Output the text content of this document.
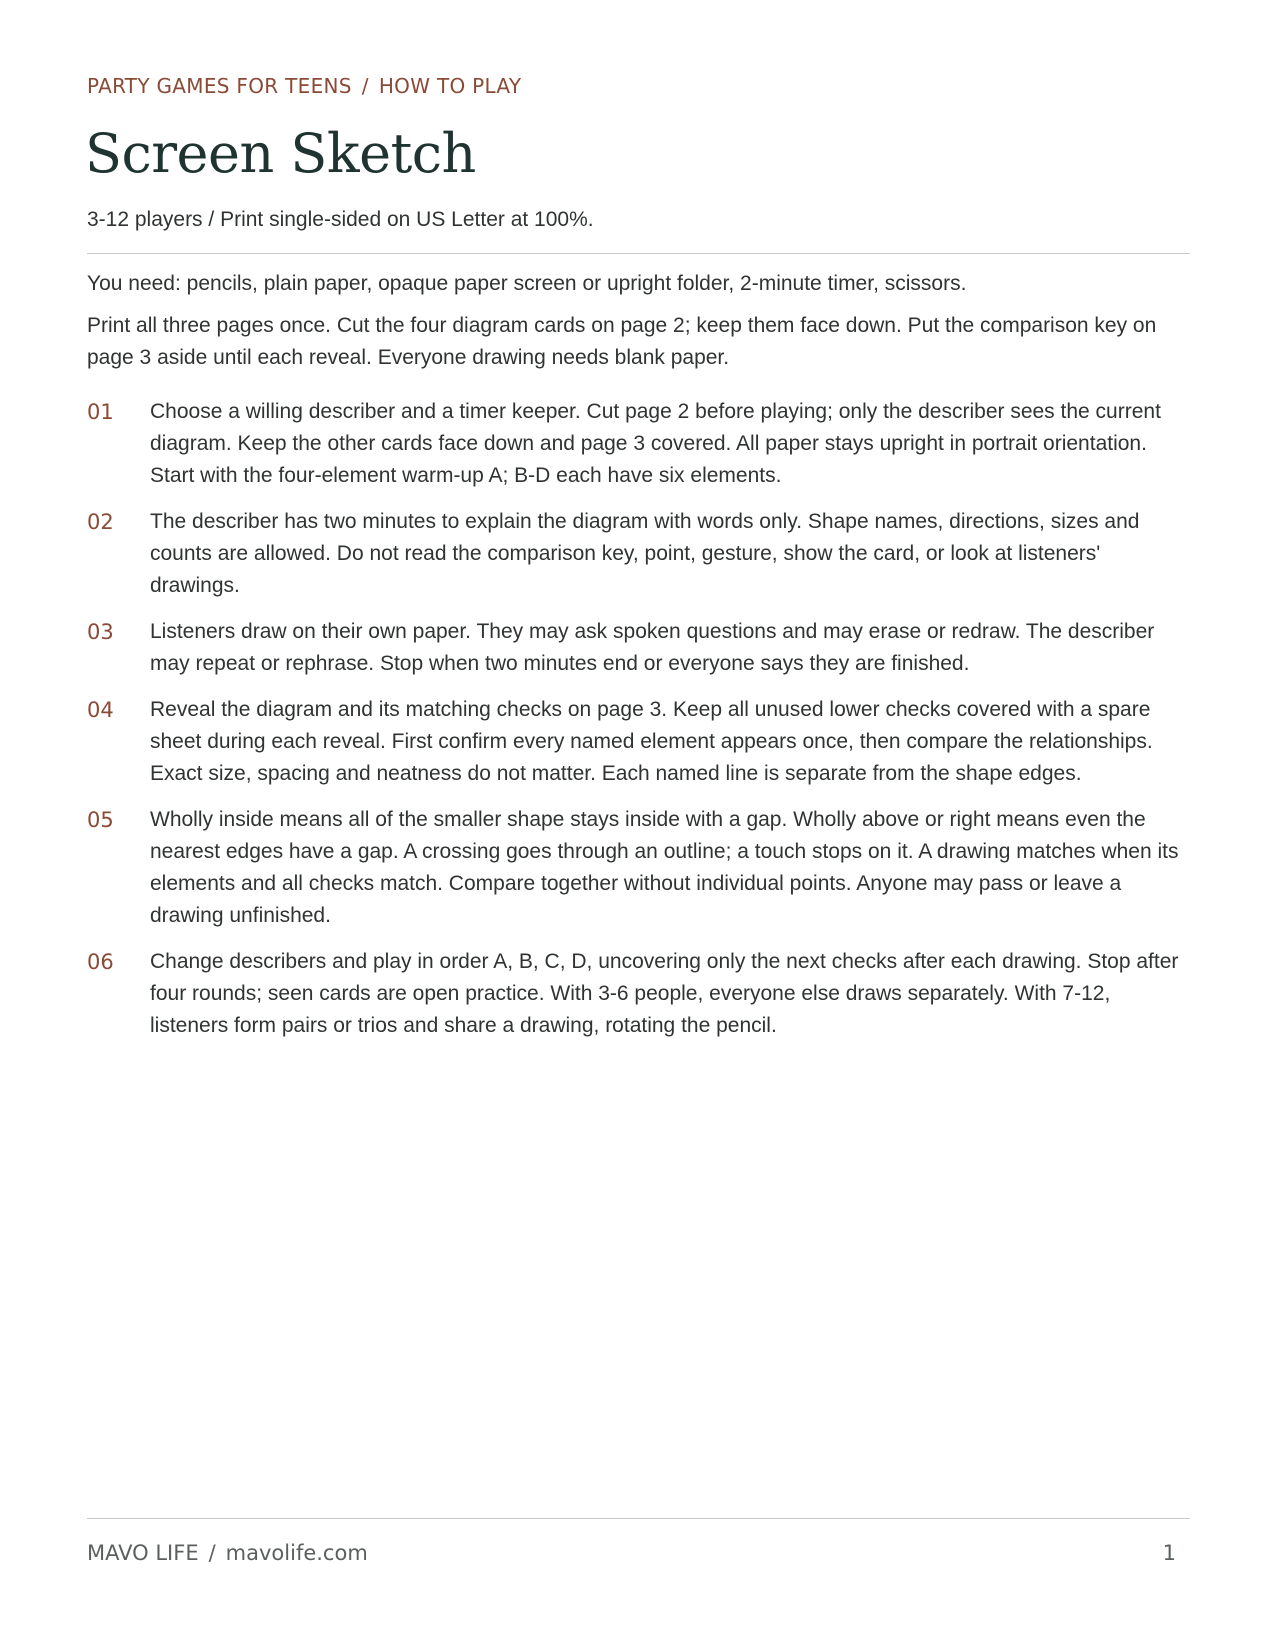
PARTY GAMES FOR TEENS / HOW TO PLAY
Screen Sketch
3-12 players / Print single-sided on US Letter at 100%.

You need: pencils, plain paper, opaque paper screen or upright folder, 2-minute timer, scissors.

Print all three pages once. Cut the four diagram cards on page 2; keep them face down. Put the comparison key on page 3 aside until each reveal. Everyone drawing needs blank paper.

01 Choose a willing describer and a timer keeper. Cut page 2 before playing; only the describer sees the current diagram. Keep the other cards face down and page 3 covered. All paper stays upright in portrait orientation. Start with the four-element warm-up A; B-D each have six elements.
02 The describer has two minutes to explain the diagram with words only. Shape names, directions, sizes and counts are allowed. Do not read the comparison key, point, gesture, show the card, or look at listeners' drawings.
03 Listeners draw on their own paper. They may ask spoken questions and may erase or redraw. The describer may repeat or rephrase. Stop when two minutes end or everyone says they are finished.
04 Reveal the diagram and its matching checks on page 3. Keep all unused lower checks covered with a spare sheet during each reveal. First confirm every named element appears once, then compare the relationships. Exact size, spacing and neatness do not matter. Each named line is separate from the shape edges.
05 Wholly inside means all of the smaller shape stays inside with a gap. Wholly above or right means even the nearest edges have a gap. A crossing goes through an outline; a touch stops on it. A drawing matches when its elements and all checks match. Compare together without individual points. Anyone may pass or leave a drawing unfinished.
06 Change describers and play in order A, B, C, D, uncovering only the next checks after each drawing. Stop after four rounds; seen cards are open practice. With 3-6 people, everyone else draws separately. With 7-12, listeners form pairs or trios and share a drawing, rotating the pencil.
MAVO LIFE / mavolife.com	1
